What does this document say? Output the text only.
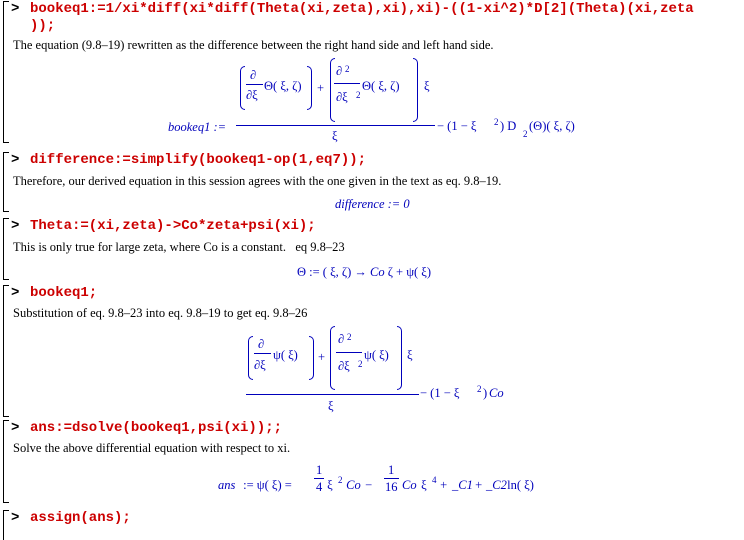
> bookeq1:=1/xi*diff(xi*diff(Theta(xi,zeta),xi),xi)-((1-xi^2)*D[2](Theta)(xi,zeta
));
The equation (9.8–19) rewritten as the difference between the right hand side and left hand side.
bookeq1 :=
∂
∂ξ
Θ( ξ, ζ) +
∂ 2
∂ξ 2
Θ( ξ, ζ) ξ
ξ
− (1 − ξ 2 ) D
2
(Θ)( ξ, ζ)
> difference:=simplify(bookeq1-op(1,eq7));
Therefore, our derived equation in this session agrees with the one given in the text as eq. 9.8–19.
difference := 0
> Theta:=(xi,zeta)->Co*zeta+psi(xi);
This is only true for large zeta, where Co is a constant.   eq 9.8–23
Θ := ( ξ, ζ) → Co ζ + ψ( ξ)
> bookeq1;
Substitution of eq. 9.8–23 into eq. 9.8–19 to get eq. 9.8–26
∂
∂ξ
ψ( ξ) +
∂ 2
∂ξ 2
ψ( ξ) ξ
ξ
− (1 − ξ 2 )
Co
> ans:=dsolve(bookeq1,psi(xi));;
Solve the above differential equation with respect to xi.
ans := ψ( ξ) =
1
4 ξ 2 Co −
1
16 Co ξ 4 + _C1 + _C2
ln( ξ)
> assign(ans);
